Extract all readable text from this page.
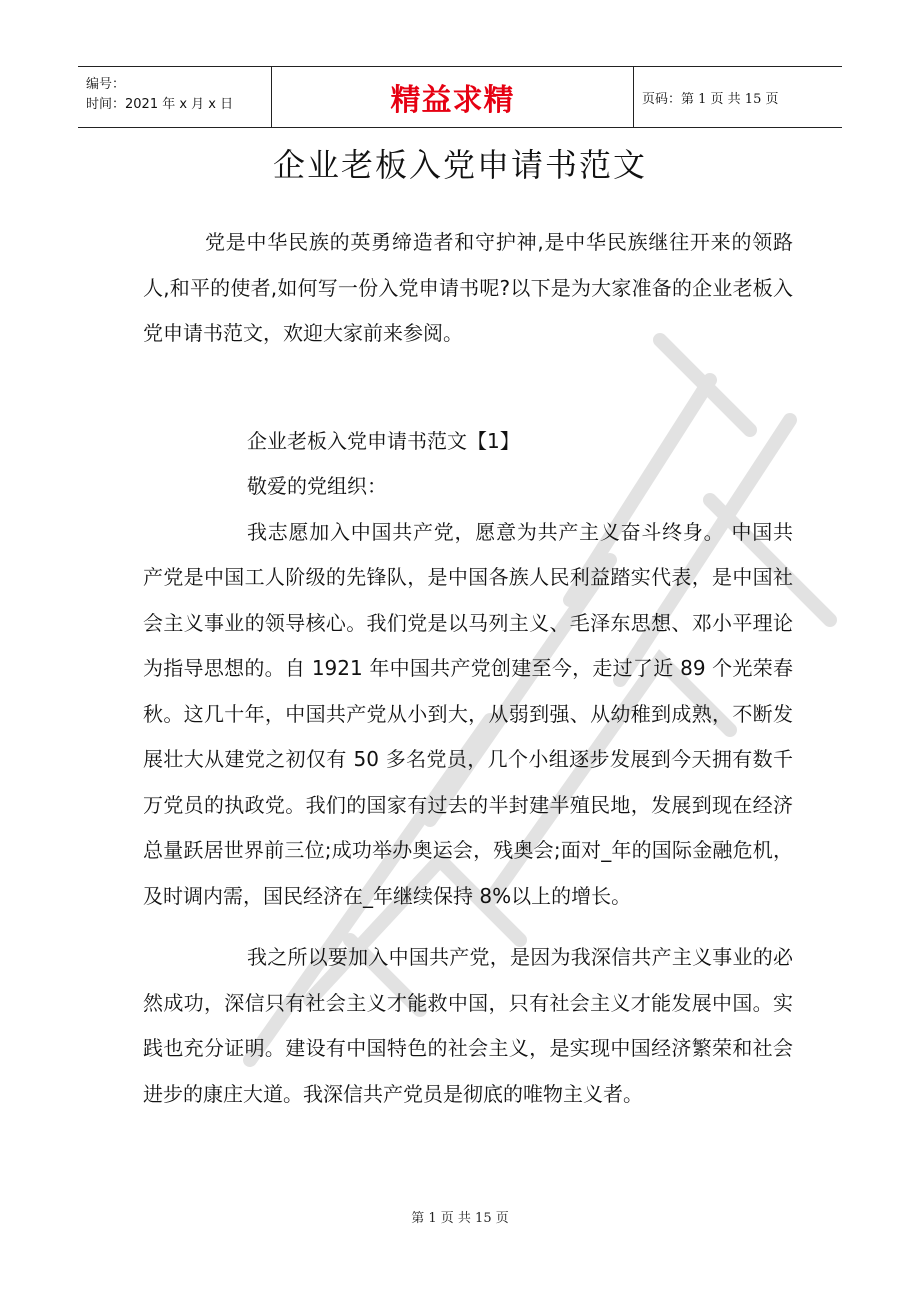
编号：
时间：2021 年 x 月 x 日	精益求精	页码：第 1 页 共 15 页
企业老板入党申请书范文

党是中华民族的英勇缔造者和守护神,是中华民族继往开来的领路人,和平的使者,如何写一份入党申请书呢?以下是为大家准备的企业老板入党申请书范文，欢迎大家前来参阅。

企业老板入党申请书范文【1】

敬爱的党组织：

我志愿加入中国共产党，愿意为共产主义奋斗终身。 中国共产党是中国工人阶级的先锋队，是中国各族人民利益踏实代表，是中国社会主义事业的领导核心。我们党是以马列主义、毛泽东思想、邓小平理论为指导思想的。自 1921 年中国共产党创建至今，走过了近 89 个光荣春秋。这几十年，中国共产党从小到大，从弱到强、从幼稚到成熟，不断发展壮大从建党之初仅有 50 多名党员，几个小组逐步发展到今天拥有数千万党员的执政党。我们的国家有过去的半封建半殖民地，发展到现在经济总量跃居世界前三位;成功举办奥运会，残奥会;面对_年的国际金融危机，及时调内需，国民经济在_年继续保持 8%以上的增长。

我之所以要加入中国共产党，是因为我深信共产主义事业的必然成功，深信只有社会主义才能救中国，只有社会主义才能发展中国。实践也充分证明。建设有中国特色的社会主义，是实现中国经济繁荣和社会进步的康庄大道。我深信共产党员是彻底的唯物主义者。

第 1 页 共 15 页
